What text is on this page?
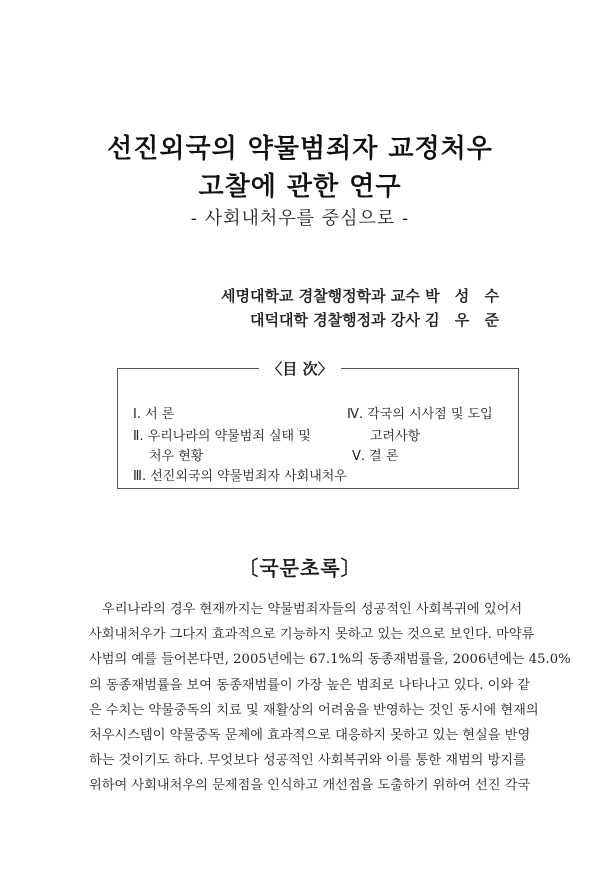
선진외국의 약물범죄자 교정처우
고찰에 관한 연구
- 사회내처우를 중심으로 -
세명대학교 경찰행정학과 교수 박 성 수
대덕대학 경찰행정과 강사 김 우 준
〈目 次〉
Ⅰ. 서 론
Ⅱ. 우리나라의 약물범죄 실태 및
처우 현황
Ⅲ. 선진외국의 약물범죄자 사회내처우
Ⅳ. 각국의 시사점 및 도입
고려사항
Ⅴ. 결 론
〔국문초록〕
우리나라의 경우 현재까지는 약물범죄자들의 성공적인 사회복귀에 있어서
사회내처우가 그다지 효과적으로 기능하지 못하고 있는 것으로 보인다. 마약류
사범의 예를 들어본다면, 2005년에는 67.1%의 동종재범률을, 2006년에는 45.0%
의 동종재범률을 보여 동종재범률이 가장 높은 범죄로 나타나고 있다. 이와 같
은 수치는 약물중독의 치료 및 재활상의 어려움을 반영하는 것인 동시에 현재의
처우시스템이 약물중독 문제에 효과적으로 대응하지 못하고 있는 현실을 반영
하는 것이기도 하다. 무엇보다 성공적인 사회복귀와 이를 통한 재범의 방지를
위하여 사회내처우의 문제점을 인식하고 개선점을 도출하기 위하여 선진 각국
